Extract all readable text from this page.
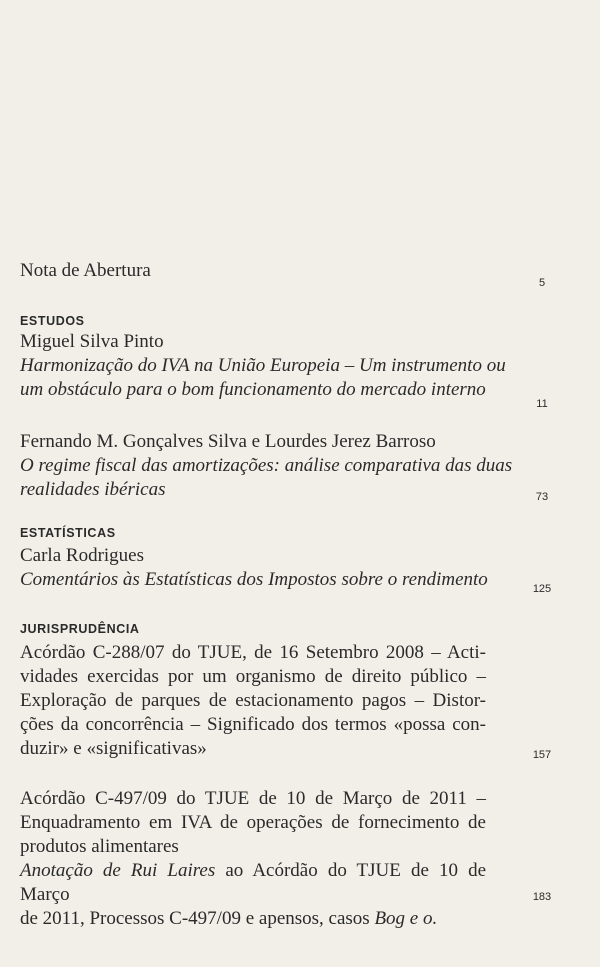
Nota de Abertura
5
ESTUDOS
Miguel Silva Pinto
Harmonização do IVA na União Europeia – Um instrumento ou
um obstáculo para o bom funcionamento do mercado interno
11
Fernando M. Gonçalves Silva e Lourdes Jerez Barroso
O regime fiscal das amortizações: análise comparativa das duas
realidades ibéricas	73
ESTATÍSTICAS
Carla Rodrigues
Comentários às Estatísticas dos Impostos sobre o rendimento	125
JURISPRUDÊNCIA
Acórdão C-288/07 do TJUE, de 16 Setembro 2008 – Acti-
vidades exercidas por um organismo de direito público –
Exploração de parques de estacionamento pagos – Distor-
ções da concorrência – Significado dos termos «possa con-
duzir» e «significativas»	157
Acórdão C-497/09 do TJUE de 10 de Março de 2011 –
Enquadramento em IVA de operações de fornecimento de
produtos alimentares
Anotação de Rui Laires ao Acórdão do TJUE de 10 de Março
de 2011, Processos C-497/09 e apensos, casos Bog e o.
183
